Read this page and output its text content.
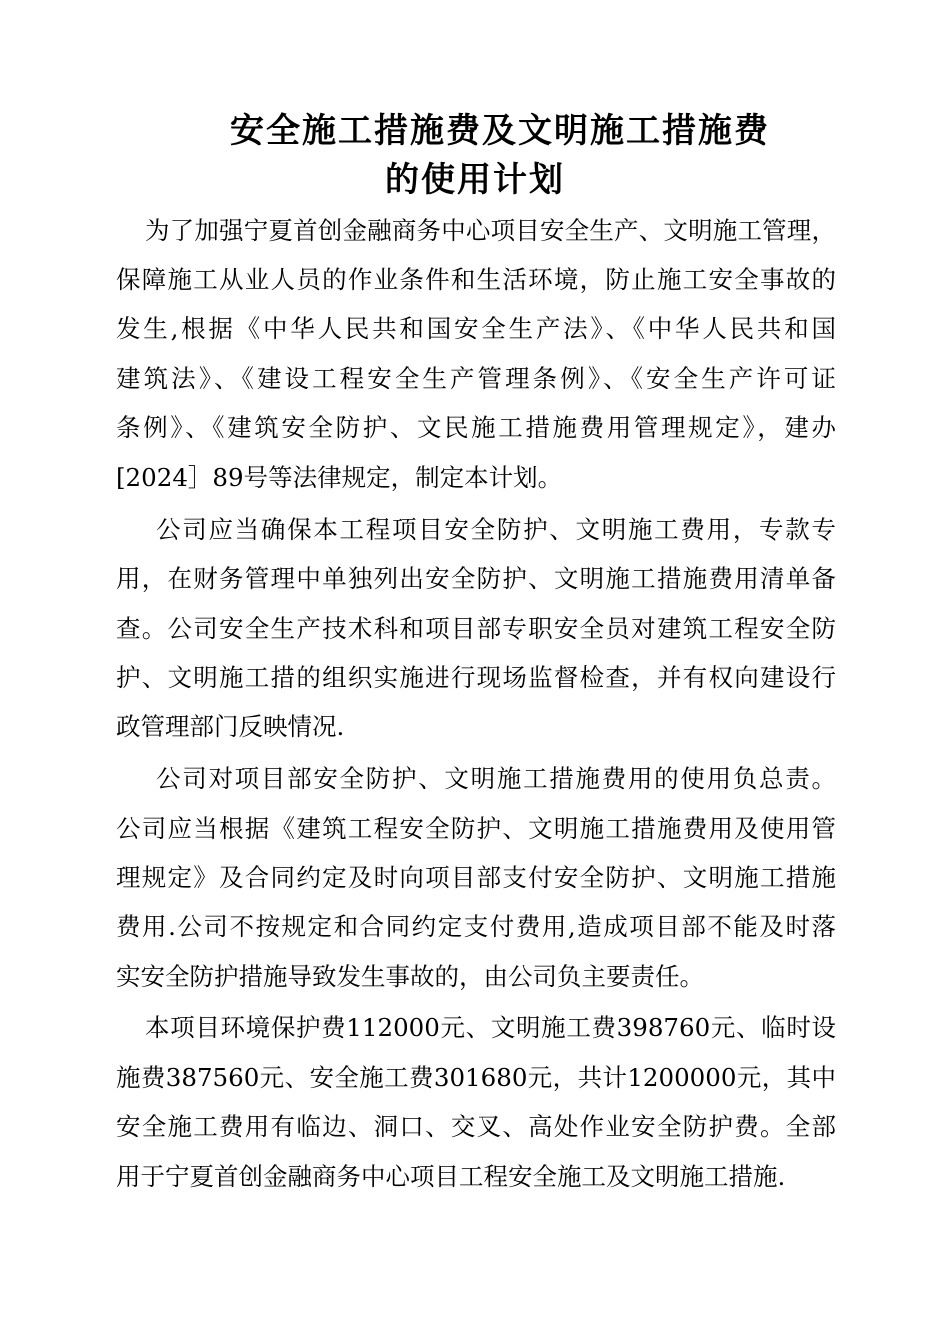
安全施工措施费及文明施工措施费
的使用计划
为了加强宁夏首创金融商务中心项目安全生产、文明施工管理，
保障施工从业人员的作业条件和生活环境，防止施工安全事故的
发生,根据《中华人民共和国安全生产法》、《中华人民共和国
建筑法》、《建设工程安全生产管理条例》、《安全生产许可证
条例》、《建筑安全防护、文民施工措施费用管理规定》，建办
[2024］89号等法律规定，制定本计划。
公司应当确保本工程项目安全防护、文明施工费用，专款专
用，在财务管理中单独列出安全防护、文明施工措施费用清单备
查。公司安全生产技术科和项目部专职安全员对建筑工程安全防
护、文明施工措的组织实施进行现场监督检查，并有权向建设行
政管理部门反映情况.
公司对项目部安全防护、文明施工措施费用的使用负总责。
公司应当根据《建筑工程安全防护、文明施工措施费用及使用管
理规定》及合同约定及时向项目部支付安全防护、文明施工措施
费用.公司不按规定和合同约定支付费用,造成项目部不能及时落
实安全防护措施导致发生事故的，由公司负主要责任。
本项目环境保护费112000元、文明施工费398760元、临时设
施费387560元、安全施工费301680元，共计1200000元，其中
安全施工费用有临边、洞口、交叉、高处作业安全防护费。全部
用于宁夏首创金融商务中心项目工程安全施工及文明施工措施.
